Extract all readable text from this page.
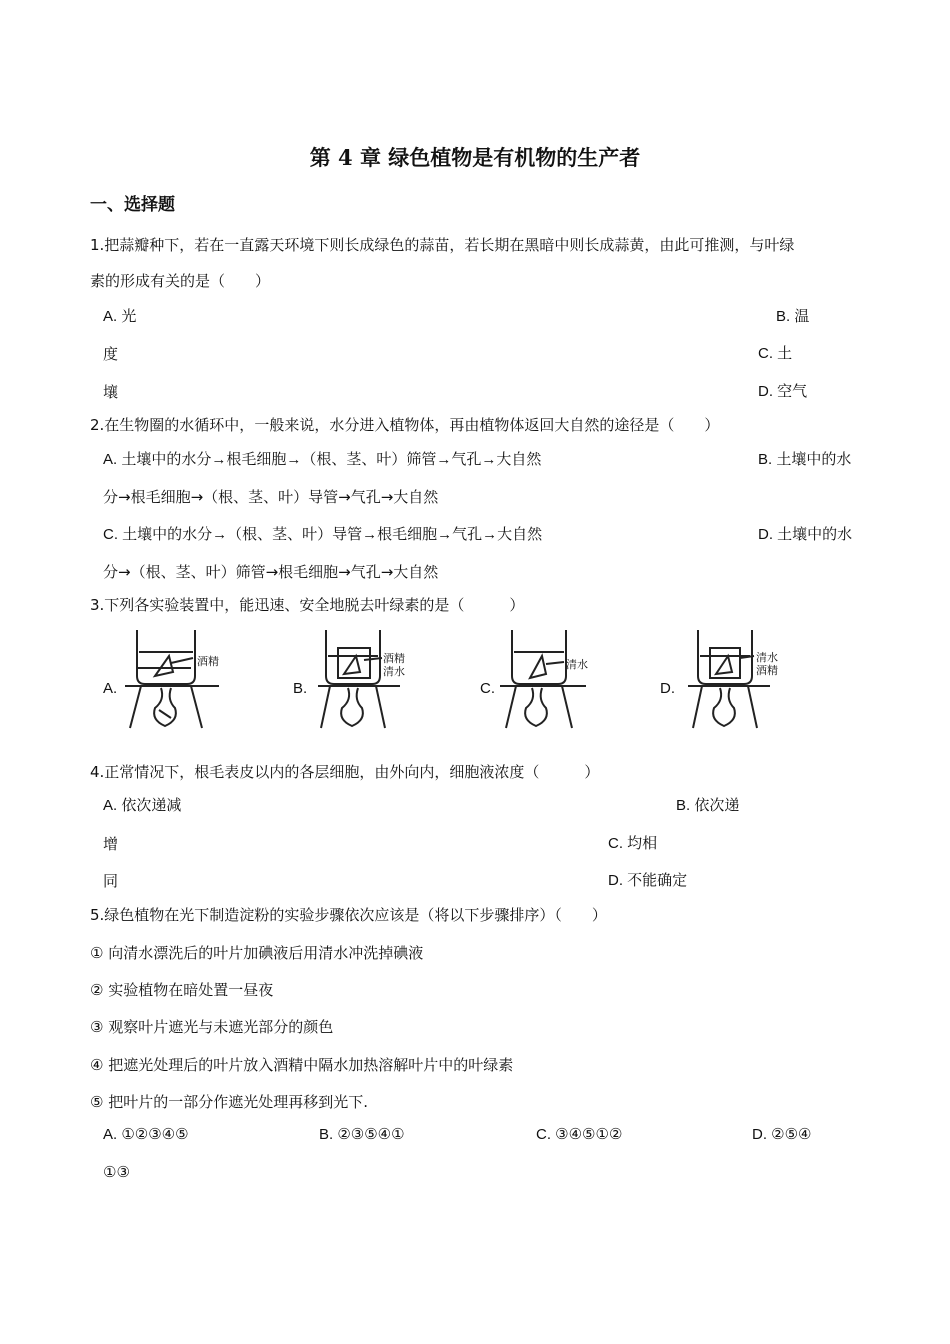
第 4 章 绿色植物是有机物的生产者
一、选择题
1.把蒜瓣种下，若在一直露天环境下则长成绿色的蒜苗，若长期在黑暗中则长成蒜黄，由此可推测，与叶绿
素的形成有关的是（　　）
A. 光	B. 温
度	C. 土
壤	D. 空气
2.在生物圈的水循环中，一般来说，水分进入植物体，再由植物体返回大自然的途径是（　　）
A. 土壤中的水分→根毛细胞→（根、茎、叶）筛管→气孔→大自然	B. 土壤中的水
分→根毛细胞→（根、茎、叶）导管→气孔→大自然
C. 土壤中的水分→（根、茎、叶）导管→根毛细胞→气孔→大自然	D. 土壤中的水
分→（根、茎、叶）筛管→根毛细胞→气孔→大自然
3.下列各实验装置中，能迅速、安全地脱去叶绿素的是（　　　）
A.
酒精
B.
酒精
清水
C.
清水
D.
清水
酒精
4.正常情况下，根毛表皮以内的各层细胞，由外向内，细胞液浓度（　　　）
A. 依次递减	B. 依次递
增	C. 均相
同	D. 不能确定
5.绿色植物在光下制造淀粉的实验步骤依次应该是（将以下步骤排序）（　　）
① 向清水漂洗后的叶片加碘液后用清水冲洗掉碘液
② 实验植物在暗处置一昼夜
③ 观察叶片遮光与未遮光部分的颜色
④ 把遮光处理后的叶片放入酒精中隔水加热溶解叶片中的叶绿素
⑤ 把叶片的一部分作遮光处理再移到光下.
A. ①②③④⑤	B. ②③⑤④①	C. ③④⑤①②	D. ②⑤④
①③
